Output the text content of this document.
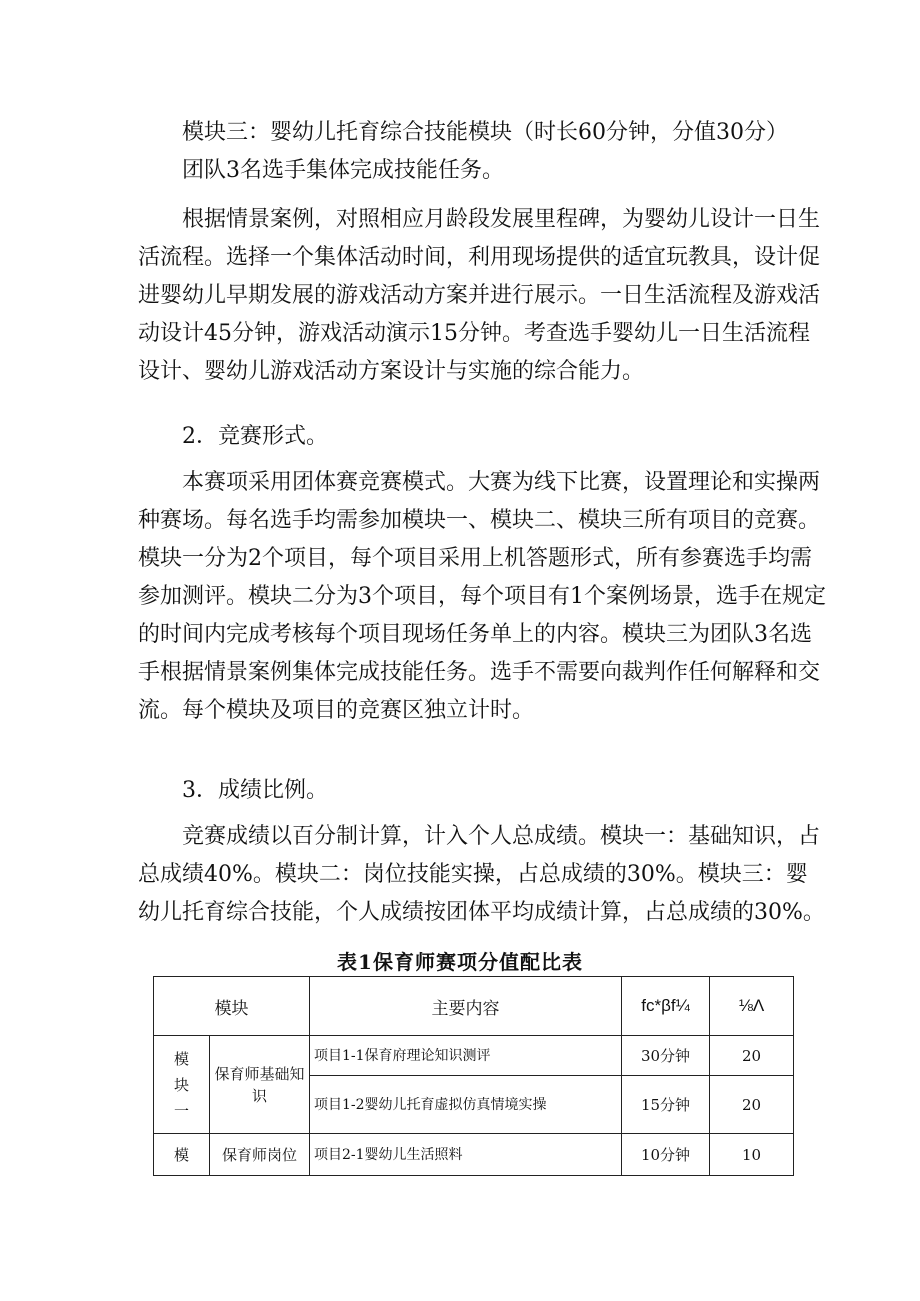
模块三：婴幼儿托育综合技能模块（时长60分钟，分值30分）

团队3名选手集体完成技能任务。

根据情景案例，对照相应月龄段发展里程碑，为婴幼儿设计一日生活流程。选择一个集体活动时间，利用现场提供的适宜玩教具，设计促进婴幼儿早期发展的游戏活动方案并进行展示。一日生活流程及游戏活动设计45分钟，游戏活动演示15分钟。考查选手婴幼儿一日生活流程设计、婴幼儿游戏活动方案设计与实施的综合能力。

2．竞赛形式。

本赛项采用团体赛竞赛模式。大赛为线下比赛，设置理论和实操两种赛场。每名选手均需参加模块一、模块二、模块三所有项目的竞赛。模块一分为2个项目，每个项目采用上机答题形式，所有参赛选手均需参加测评。模块二分为3个项目，每个项目有1个案例场景，选手在规定的时间内完成考核每个项目现场任务单上的内容。模块三为团队3名选手根据情景案例集体完成技能任务。选手不需要向裁判作任何解释和交流。每个模块及项目的竞赛区独立计时。

3．成绩比例。

竞赛成绩以百分制计算，计入个人总成绩。模块一：基础知识，占总成绩40%。模块二：岗位技能实操，占总成绩的30%。模块三：婴幼儿托育综合技能，个人成绩按团体平均成绩计算，占总成绩的30%。

表1保育师赛项分值配比表
模块		主要内容	fc*βf¼	⅛Λ
模块一	保育师基础知识	项目1-1保育府理论知识测评	30分钟	20
		项目1-2婴幼儿托育虚拟仿真情境实操	15分钟	20
模	保育师岗位	项目2-1婴幼儿生活照料	10分钟	10
